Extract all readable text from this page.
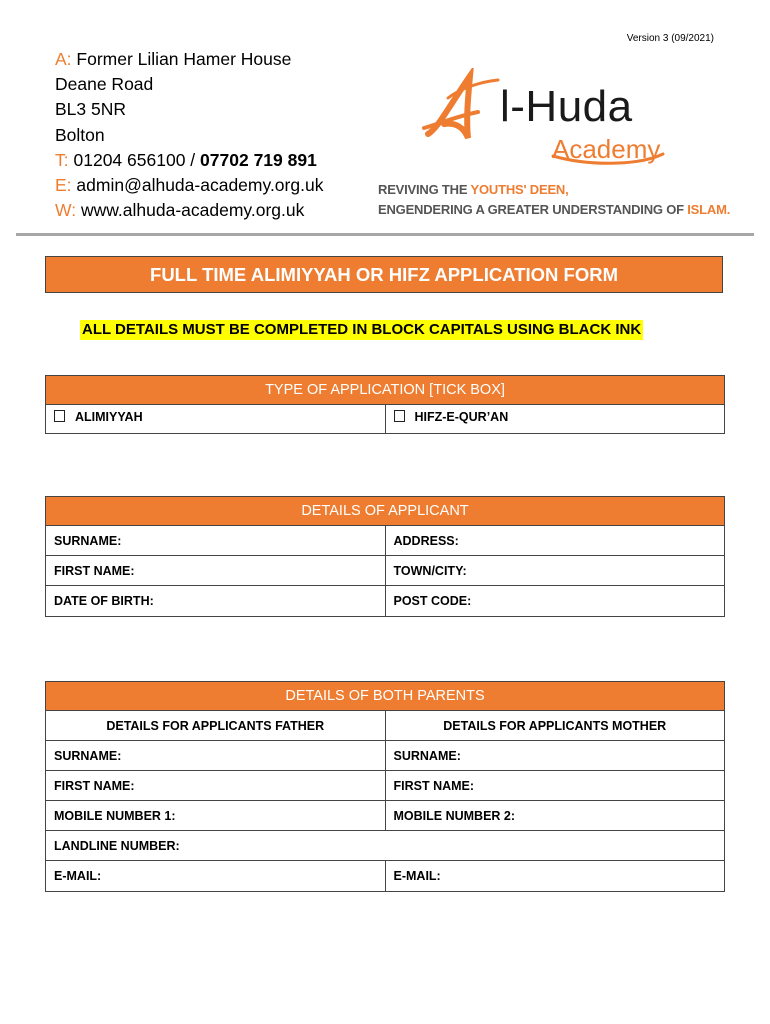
Version 3 (09/2021)
A: Former Lilian Hamer House
Deane Road
BL3 5NR
Bolton
T: 01204 656100 / 07702 719 891
E: admin@alhuda-academy.org.uk
W: www.alhuda-academy.org.uk
l-Huda
Academy
REVIVING THE YOUTHS' DEEN,
ENGENDERING A GREATER UNDERSTANDING OF ISLAM.
FULL TIME ALIMIYYAH OR HIFZ APPLICATION FORM
ALL DETAILS MUST BE COMPLETED IN BLOCK CAPITALS USING BLACK INK
TYPE OF APPLICATION [TICK BOX]
ALIMIYYAH	HIFZ-E-QUR’AN
DETAILS OF APPLICANT
SURNAME:	ADDRESS:
FIRST NAME:	TOWN/CITY:
DATE OF BIRTH:	POST CODE:
DETAILS OF BOTH PARENTS
DETAILS FOR APPLICANTS FATHER	DETAILS FOR APPLICANTS MOTHER
SURNAME:	SURNAME:
FIRST NAME:	FIRST NAME:
MOBILE NUMBER 1:	MOBILE NUMBER 2:
LANDLINE NUMBER:
E-MAIL:	E-MAIL:
